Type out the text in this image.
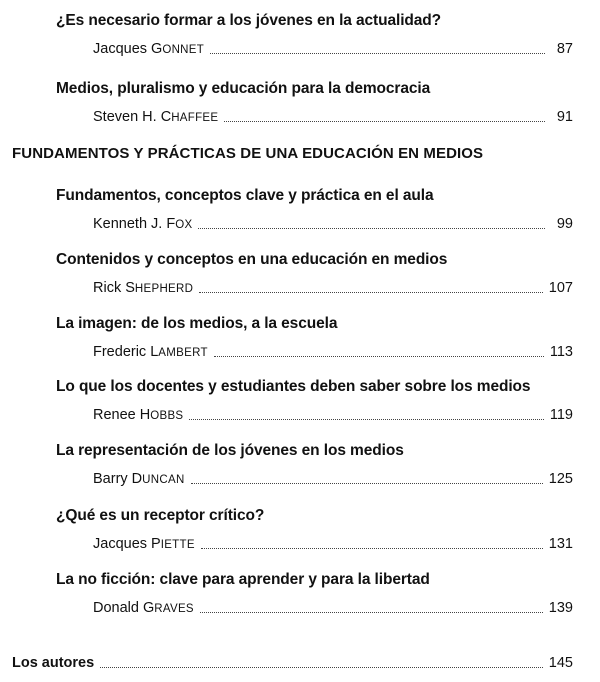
¿Es necesario formar a los jóvenes en la actualidad?
Jacques GONNET	87
Medios, pluralismo y educación para la democracia
Steven H. CHAFFEE	91
FUNDAMENTOS Y PRÁCTICAS DE UNA EDUCACIÓN EN MEDIOS
Fundamentos, conceptos clave y práctica en el aula
Kenneth J. FOX	99
Contenidos y conceptos en una educación en medios
Rick SHEPHERD	107
La imagen: de los medios, a la escuela
Frederic LAMBERT	113
Lo que los docentes y estudiantes deben saber sobre los medios
Renee HOBBS	119
La representación de los jóvenes en los medios
Barry DUNCAN	125
¿Qué es un receptor crítico?
Jacques PIETTE	131
La no ficción: clave para aprender y para la libertad
Donald GRAVES	139
Los autores	145
